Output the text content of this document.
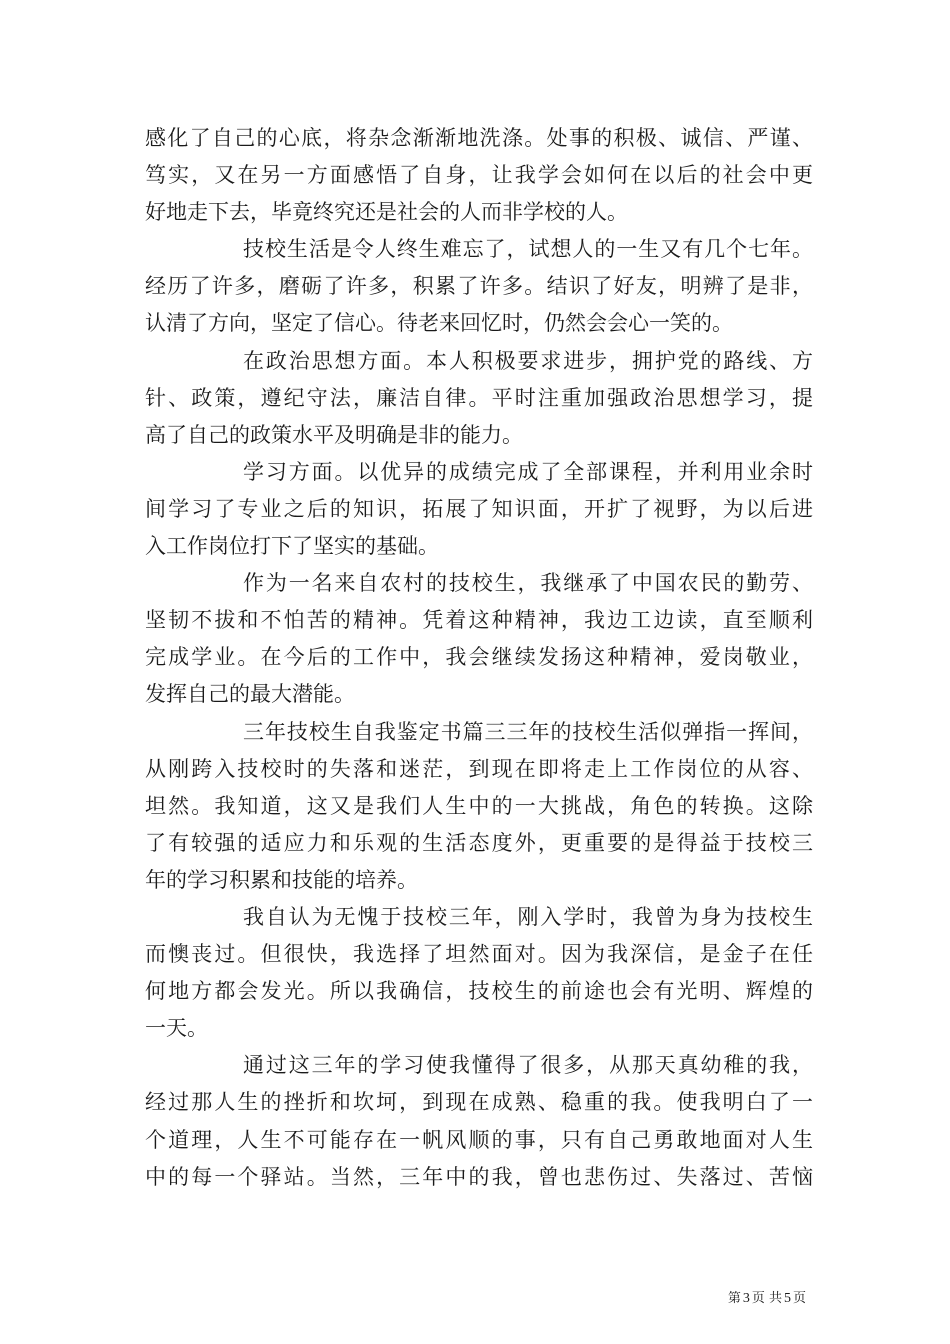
感化了自己的心底，将杂念渐渐地洗涤。处事的积极、诚信、严谨、
笃实，又在另一方面感悟了自身，让我学会如何在以后的社会中更
好地走下去，毕竟终究还是社会的人而非学校的人。
技校生活是令人终生难忘了，试想人的一生又有几个七年。
经历了许多，磨砺了许多，积累了许多。结识了好友，明辨了是非，
认清了方向，坚定了信心。待老来回忆时，仍然会会心一笑的。
在政治思想方面。本人积极要求进步，拥护党的路线、方
针、政策，遵纪守法，廉洁自律。平时注重加强政治思想学习，提
高了自己的政策水平及明确是非的能力。
学习方面。以优异的成绩完成了全部课程，并利用业余时
间学习了专业之后的知识，拓展了知识面，开扩了视野，为以后进
入工作岗位打下了坚实的基础。
作为一名来自农村的技校生，我继承了中国农民的勤劳、
坚韧不拔和不怕苦的精神。凭着这种精神，我边工边读，直至顺利
完成学业。在今后的工作中，我会继续发扬这种精神，爱岗敬业，
发挥自己的最大潜能。
三年技校生自我鉴定书篇三三年的技校生活似弹指一挥间，
从刚跨入技校时的失落和迷茫，到现在即将走上工作岗位的从容、
坦然。我知道，这又是我们人生中的一大挑战，角色的转换。这除
了有较强的适应力和乐观的生活态度外，更重要的是得益于技校三
年的学习积累和技能的培养。
我自认为无愧于技校三年，刚入学时，我曾为身为技校生
而懊丧过。但很快，我选择了坦然面对。因为我深信，是金子在任
何地方都会发光。所以我确信，技校生的前途也会有光明、辉煌的
一天。
通过这三年的学习使我懂得了很多，从那天真幼稚的我，
经过那人生的挫折和坎坷，到现在成熟、稳重的我。使我明白了一
个道理，人生不可能存在一帆风顺的事，只有自己勇敢地面对人生
中的每一个驿站。当然，三年中的我，曾也悲伤过、失落过、苦恼
第 3 页 共 5 页
